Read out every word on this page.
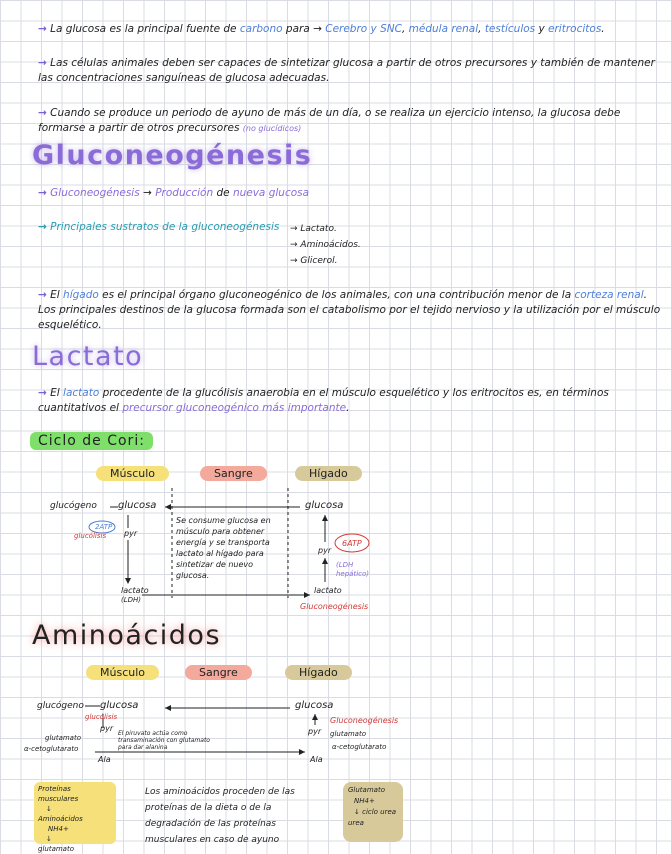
→ La glucosa es la principal fuente de carbono para → Cerebro y SNC, médula renal, testículos y eritrocitos.
→ Las células animales deben ser capaces de sintetizar glucosa a partir de otros precursores y también de mantener las concentraciones sanguíneas de glucosa adecuadas.
→ Cuando se produce un periodo de ayuno de más de un día, o se realiza un ejercicio intenso, la glucosa debe formarse a partir de otros precursores (no glucídicos)
Gluconeogénesis
→ Gluconeogénesis → Producción de nueva glucosa
→ Principales sustratos de la gluconeogénesis → Lactato.
→ Aminoácidos.
→ Glicerol.
→ El hígado es el principal órgano gluconeogénico de los animales, con una contribución menor de la corteza renal. Los principales destinos de la glucosa formada son el catabolismo por el tejido nervioso y la utilización por el músculo esquelético.
Lactato
→ El lactato procedente de la glucólisis anaerobia en el músculo esquelético y los eritrocitos es, en términos cuantitativos el precursor gluconeogénico más importante.
Ciclo de Cori:
Músculo	Sangre	Hígado
glucógeno glucosa
2ATP
glucólisis pyr
lactato
(LDH)
Se consume glucosa en músculo para obtener energía y se transporta lactato al hígado para sintetizar de nuevo glucosa.
glucosa
6ATP
pyr
(LDH hepático)
lactato
Gluconeogénesis
Aminoácidos
Músculo	Sangre	Hígado
glucógeno glucosa
glucólisis
pyr
glutamato
α-cetoglutarato
Ala
El piruvato actúa como transaminación con glutamato para dar alanina
glucosa
Gluconeogénesis
pyr glutamato
α-cetoglutarato
Ala
Proteínas musculares
↓
Aminoácidos
NH4+
↓
glutamato
Los aminoácidos proceden de las proteínas de la dieta o de la degradación de las proteínas musculares en caso de ayuno
Glutamato
NH4+
↓ ciclo urea
urea
